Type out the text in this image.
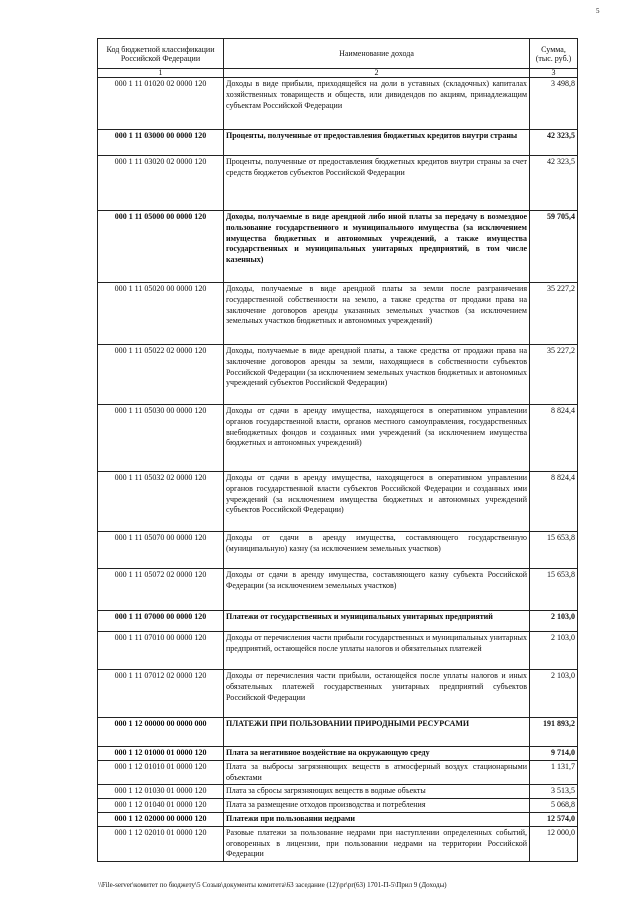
5
Код бюджетной классификации Российской Федерации	Наименование дохода	Сумма, (тыс. руб.)
1	2	3
000 1 11 01020 02 0000 120	Доходы в виде прибыли, приходящейся на доли в уставных (складочных) капиталах хозяйственных товариществ и обществ, или дивидендов по акциям, принадлежащим субъектам Российской Федерации	3 498,8
000 1 11 03000 00 0000 120	Проценты, полученные от предоставления бюджетных кредитов внутри страны	42 323,5
000 1 11 03020 02 0000 120	Проценты, полученные от предоставления бюджетных кредитов внутри страны за счет средств бюджетов субъектов Российской Федерации	42 323,5
000 1 11 05000 00 0000 120	Доходы, получаемые в виде арендной либо иной платы за передачу в возмездное пользование государственного и муниципального имущества (за исключением имущества бюджетных и автономных учреждений, а также имущества государственных и муниципальных унитарных предприятий, в том числе казенных)	59 705,4
000 1 11 05020 00 0000 120	Доходы, получаемые в виде арендной платы за земли после разграничения государственной собственности на землю, а также средства от продажи права на заключение договоров аренды указанных земельных участков (за исключением земельных участков бюджетных и автономных учреждений)	35 227,2
000 1 11 05022 02 0000 120	Доходы, получаемые в виде арендной платы, а также средства от продажи права на заключение договоров аренды за земли, находящиеся в собственности субъектов Российской Федерации (за исключением земельных участков бюджетных и автономных учреждений субъектов Российской Федерации)	35 227,2
000 1 11 05030 00 0000 120	Доходы от сдачи в аренду имущества, находящегося в оперативном управлении органов государственной власти, органов местного самоуправления, государственных внебюджетных фондов и созданных ими учреждений (за исключением имущества бюджетных и автономных учреждений)	8 824,4
000 1 11 05032 02 0000 120	Доходы от сдачи в аренду имущества, находящегося в оперативном управлении органов государственной власти субъектов Российской Федерации и созданных ими учреждений (за исключением имущества бюджетных и автономных учреждений субъектов Российской Федерации)	8 824,4
000 1 11 05070 00 0000 120	Доходы от сдачи в аренду имущества, составляющего государственную (муниципальную) казну (за исключением земельных участков)	15 653,8
000 1 11 05072 02 0000 120	Доходы от сдачи в аренду имущества, составляющего казну субъекта Российской Федерации (за исключением земельных участков)	15 653,8
000 1 11 07000 00 0000 120	Платежи от государственных и муниципальных унитарных предприятий	2 103,0
000 1 11 07010 00 0000 120	Доходы от перечисления части прибыли государственных и муниципальных унитарных предприятий, остающейся после уплаты налогов и обязательных платежей	2 103,0
000 1 11 07012 02 0000 120	Доходы от перечисления части прибыли, остающейся после уплаты налогов и иных обязательных платежей государственных унитарных предприятий субъектов Российской Федерации	2 103,0
000 1 12 00000 00 0000 000	ПЛАТЕЖИ ПРИ ПОЛЬЗОВАНИИ ПРИРОДНЫМИ РЕСУРСАМИ	191 893,2
000 1 12 01000 01 0000 120	Плата за негативное воздействие на окружающую среду	9 714,0
000 1 12 01010 01 0000 120	Плата за выбросы загрязняющих веществ в атмосферный воздух стационарными объектами	1 131,7
000 1 12 01030 01 0000 120	Плата за сбросы загрязняющих веществ в водные объекты	3 513,5
000 1 12 01040 01 0000 120	Плата за размещение отходов производства и потребления	5 068,8
000 1 12 02000 00 0000 120	Платежи при пользовании недрами	12 574,0
000 1 12 02010 01 0000 120	Разовые платежи за пользование недрами при наступлении определенных событий, оговоренных в лицензии, при пользовании недрами на территории Российской Федерации	12 000,0
\\File-server\комитет по бюджету\5 Созыв\документы комитета\63 заседание (12)\pr\pr(63) 1701-П-5\Прил 9 (Доходы)
